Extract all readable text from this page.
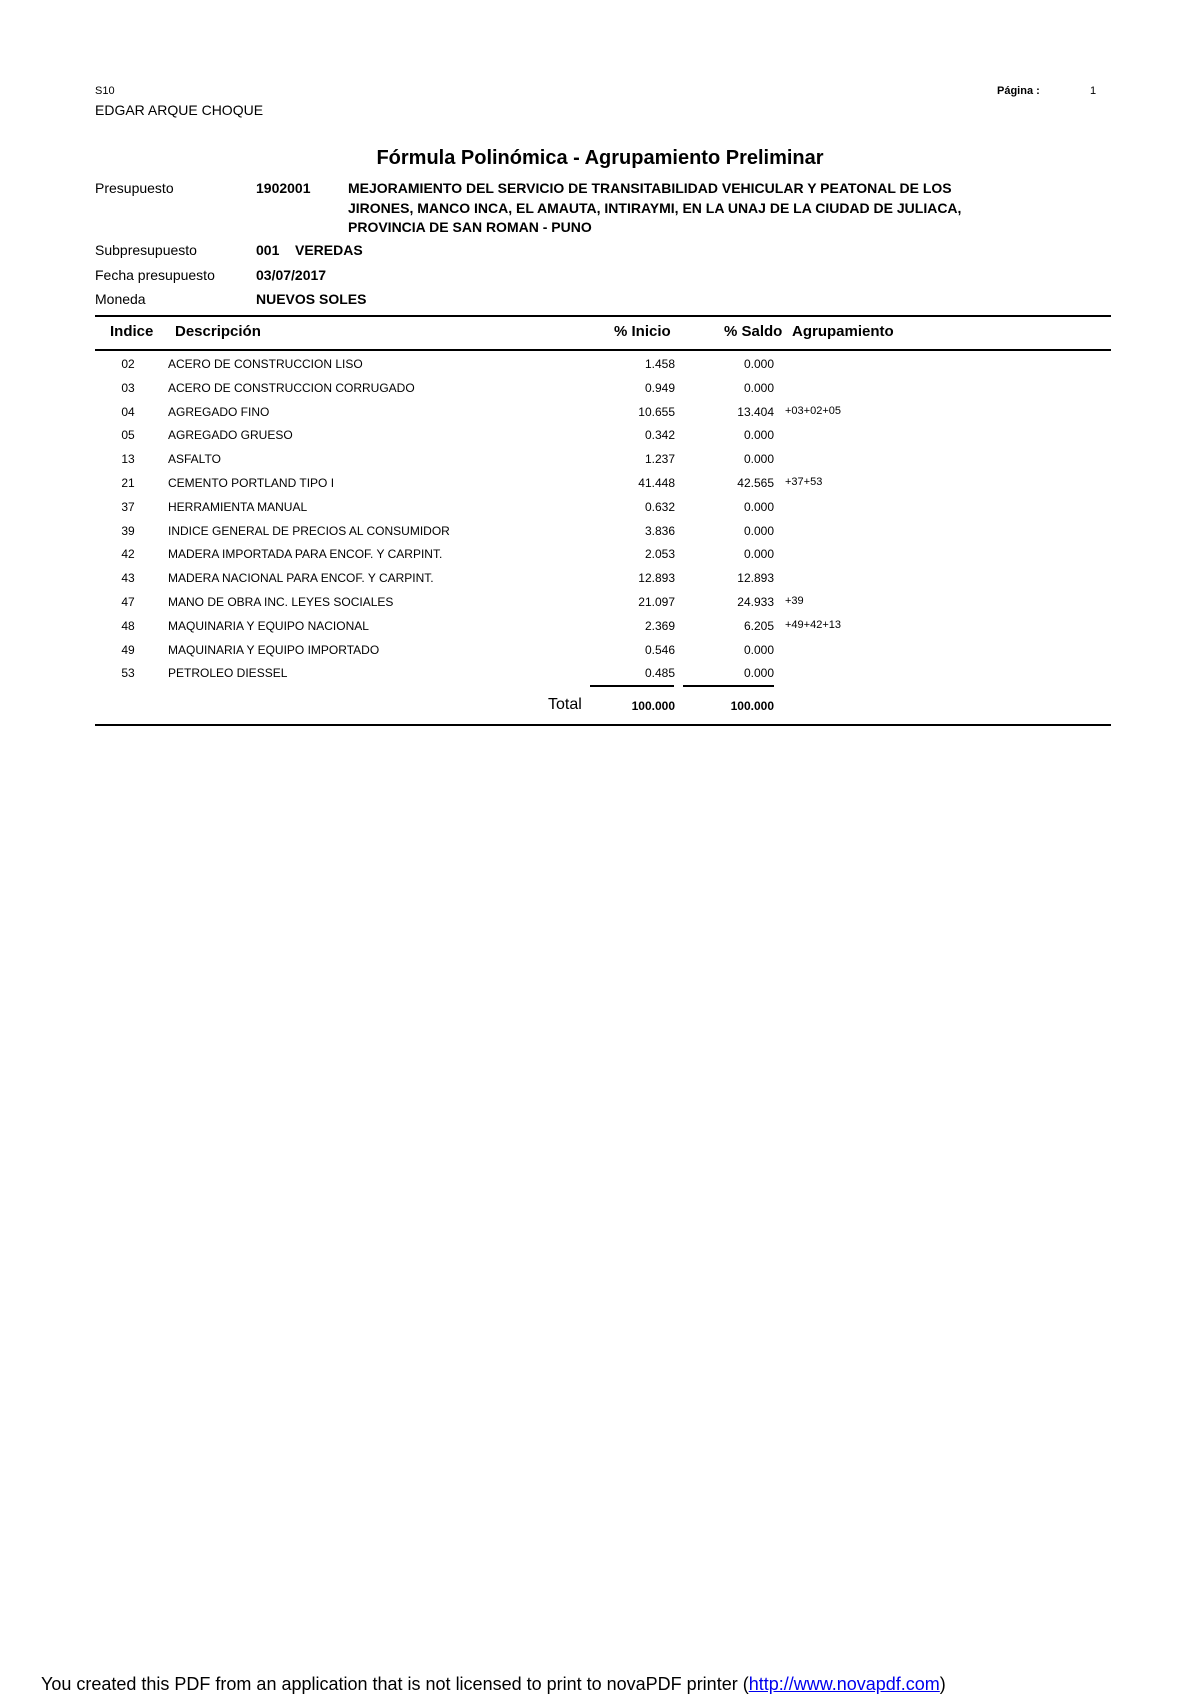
S10
EDGAR ARQUE CHOQUE
Página :	1
Fórmula Polinómica - Agrupamiento Preliminar
Presupuesto	1902001	MEJORAMIENTO DEL SERVICIO DE TRANSITABILIDAD VEHICULAR Y PEATONAL DE LOS
JIRONES, MANCO INCA, EL AMAUTA, INTIRAYMI, EN LA UNAJ DE LA CIUDAD DE JULIACA,
PROVINCIA DE SAN ROMAN - PUNO
Subpresupuesto	001 VEREDAS
Fecha presupuesto	03/07/2017
Moneda	NUEVOS SOLES
Indice Descripción	% Inicio	% Saldo Agrupamiento
02	ACERO DE CONSTRUCCION LISO	1.458	0.000
03	ACERO DE CONSTRUCCION CORRUGADO	0.949	0.000
04	AGREGADO FINO	10.655	13.404 +03+02+05
05	AGREGADO GRUESO	0.342	0.000
13	ASFALTO	1.237	0.000
21	CEMENTO PORTLAND TIPO I	41.448	42.565 +37+53
37	HERRAMIENTA MANUAL	0.632	0.000
39	INDICE GENERAL DE PRECIOS AL CONSUMIDOR	3.836	0.000
42	MADERA IMPORTADA PARA ENCOF. Y CARPINT.	2.053	0.000
43	MADERA NACIONAL PARA ENCOF. Y CARPINT.	12.893	12.893
47	MANO DE OBRA INC. LEYES SOCIALES	21.097	24.933 +39
48	MAQUINARIA Y EQUIPO NACIONAL	2.369	6.205 +49+42+13
49	MAQUINARIA Y EQUIPO IMPORTADO	0.546	0.000
53	PETROLEO DIESSEL	0.485	0.000
Total	100.000	100.000
You created this PDF from an application that is not licensed to print to novaPDF printer (http://www.novapdf.com)
